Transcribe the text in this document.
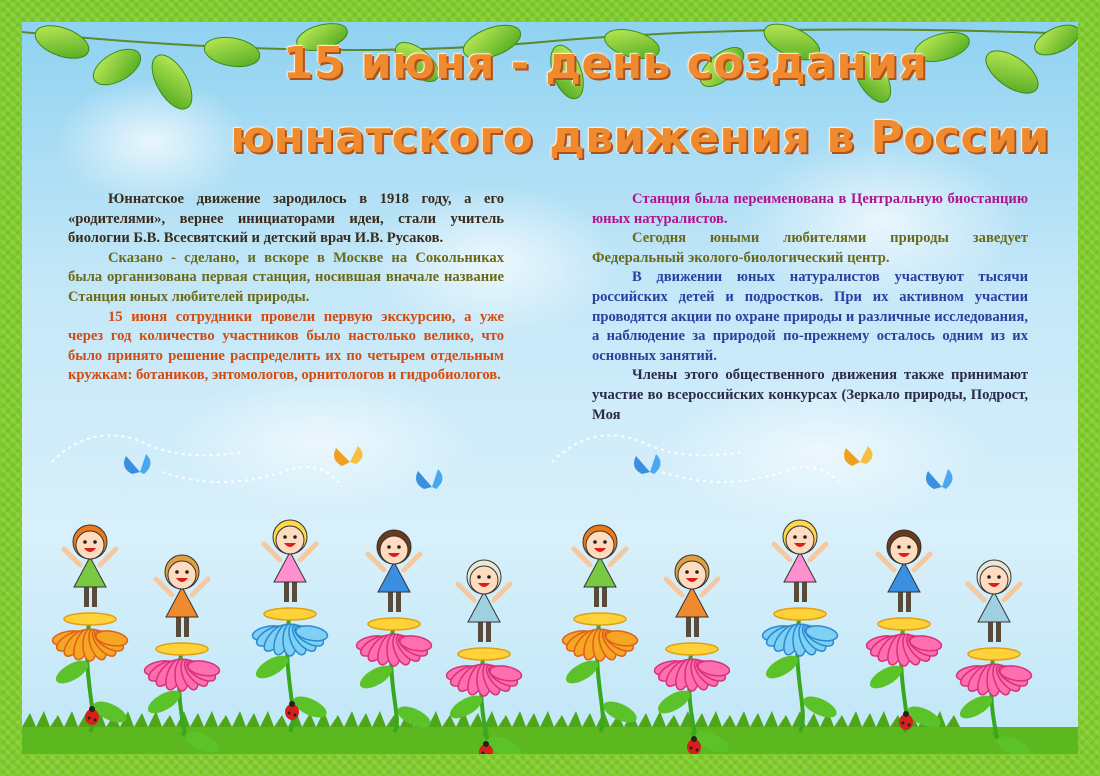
15 июня - день создания
юннатского движения в России

Юннатское движение зародилось в 1918 году, а его «родителями», вернее инициаторами идеи, стали учитель биологии Б.В. Всесвятский и детский врач И.В. Русаков.

Сказано - сделано, и вскоре в Москве на Сокольниках была организована первая станция, носившая вначале название Станция юных любителей природы.

15 июня сотрудники провели первую экскурсию, а уже через год количество участников было настолько велико, что было принято решение распределить их по четырем отдельным кружкам: ботаников, энтомологов, орнитологов и гидробиологов.

Станция была переименована в Центральную биостанцию юных натуралистов.

Сегодня юными любителями природы заведует Федеральный эколого-биологический центр.

В движении юных натуралистов участвуют тысячи российских детей и подростков. При их активном участии проводятся акции по охране природы и различные исследования, а наблюдение за природой по-прежнему осталось одним из их основных занятий.

Члены этого общественного движения также принимают участие во всероссийских конкурсах (Зеркало природы, Подрост, Моя
